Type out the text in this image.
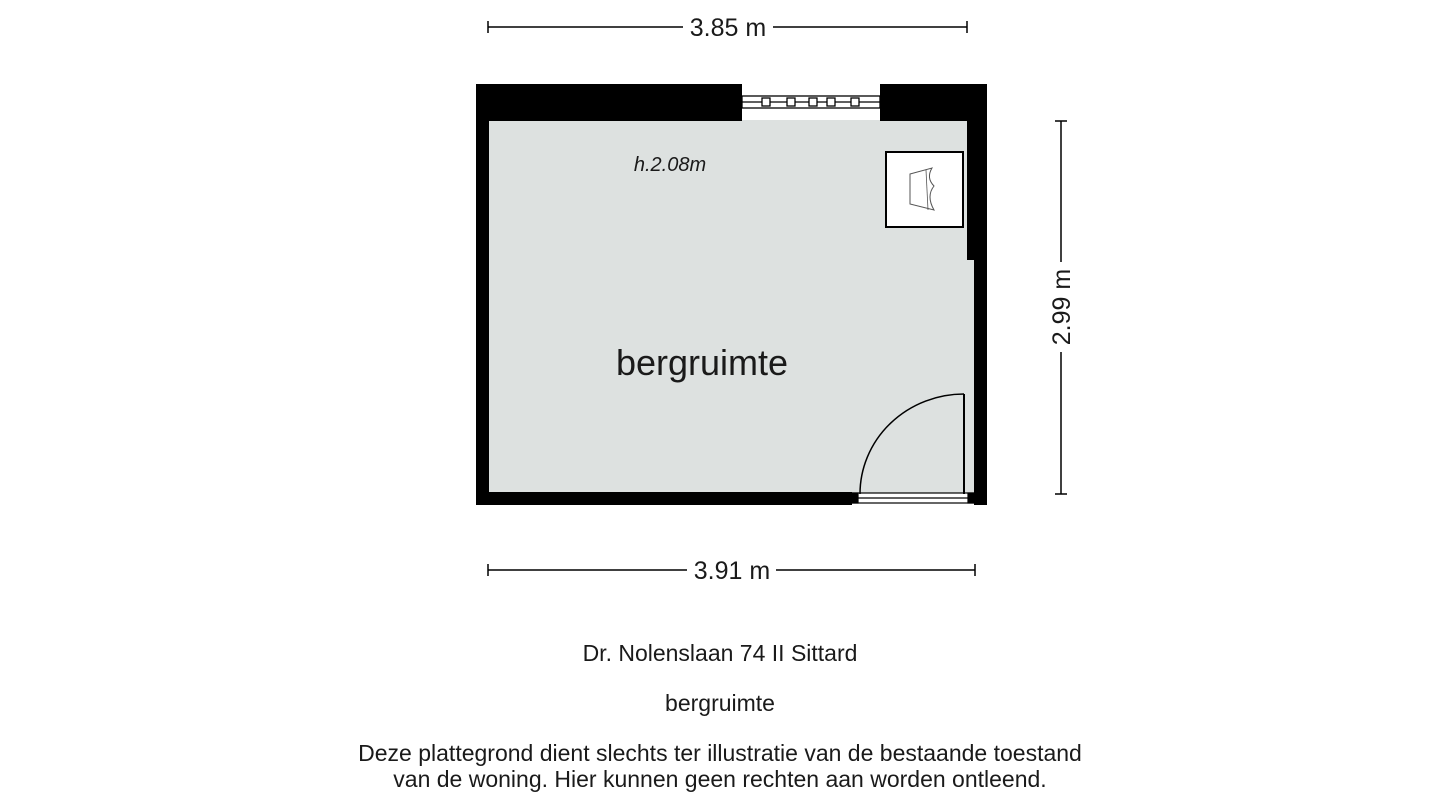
h.2.08m
bergruimte
3.85 m
3.91 m
2.99 m
Dr. Nolenslaan 74 II Sittard
bergruimte
Deze plattegrond dient slechts ter illustratie van de bestaande toestand
van de woning. Hier kunnen geen rechten aan worden ontleend.
